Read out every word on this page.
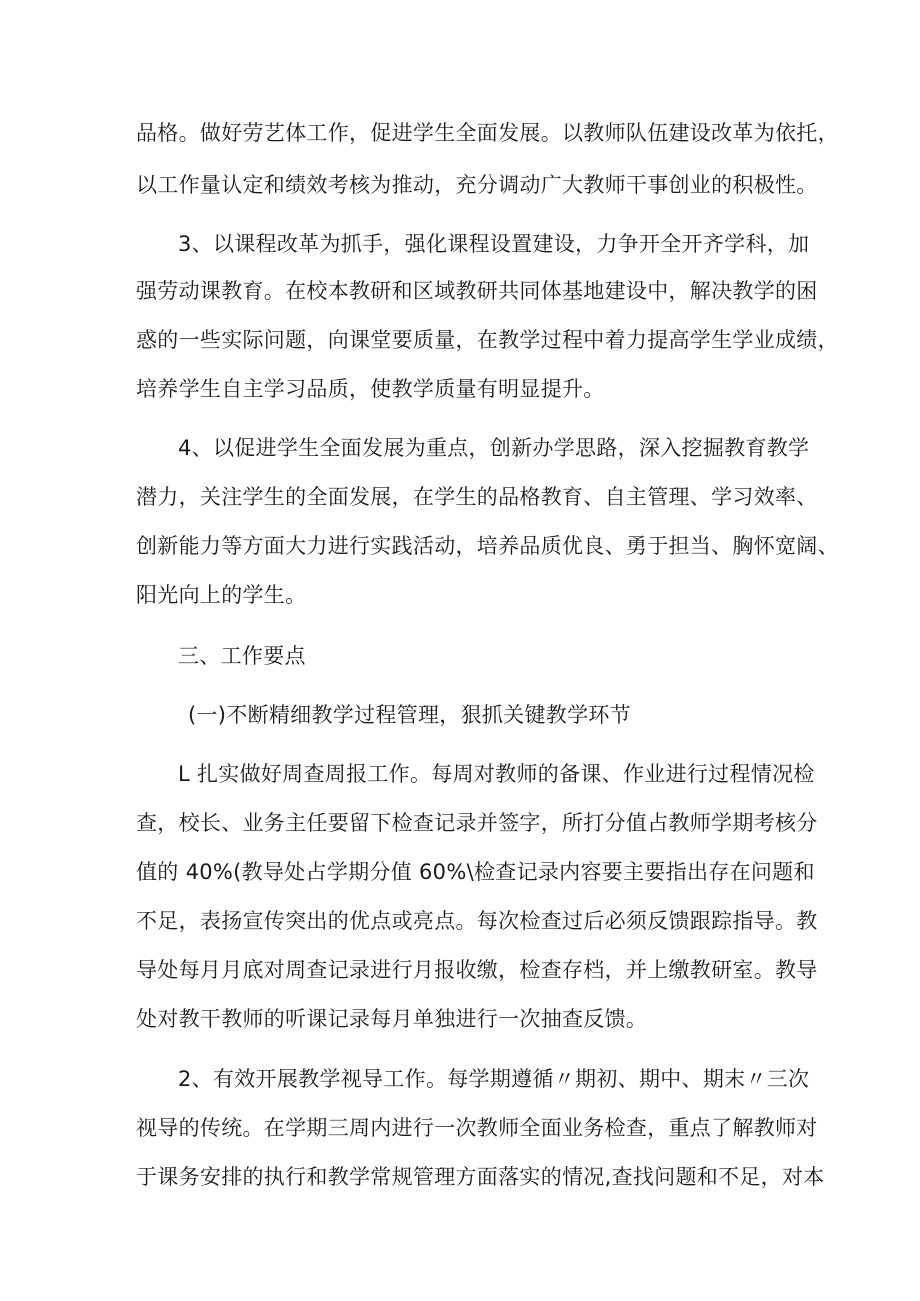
品格。做好劳艺体工作，促进学生全面发展。以教师队伍建设改革为依托，
以工作量认定和绩效考核为推动，充分调动广大教师干事创业的积极性。
3、以课程改革为抓手，强化课程设置建设，力争开全开齐学科，加
强劳动课教育。在校本教研和区域教研共同体基地建设中，解决教学的困
惑的一些实际问题，向课堂要质量，在教学过程中着力提高学生学业成绩，
培养学生自主学习品质，使教学质量有明显提升。
4、以促进学生全面发展为重点，创新办学思路，深入挖掘教育教学
潜力，关注学生的全面发展，在学生的品格教育、自主管理、学习效率、
创新能力等方面大力进行实践活动，培养品质优良、勇于担当、胸怀宽阔、
阳光向上的学生。
三、工作要点
(一)不断精细教学过程管理，狠抓关键教学环节
L 扎实做好周查周报工作。每周对教师的备课、作业进行过程情况检
查，校长、业务主任要留下检查记录并签字，所打分值占教师学期考核分
值的 40%(教导处占学期分值 60%\检查记录内容要主要指出存在问题和
不足，表扬宣传突出的优点或亮点。每次检查过后必须反馈跟踪指导。教
导处每月月底对周查记录进行月报收缴，检查存档，并上缴教研室。教导
处对教干教师的听课记录每月单独进行一次抽查反馈。
2、有效开展教学视导工作。每学期遵循〃期初、期中、期末〃三次
视导的传统。在学期三周内进行一次教师全面业务检查，重点了解教师对
于课务安排的执行和教学常规管理方面落实的情况,查找问题和不足，对本
